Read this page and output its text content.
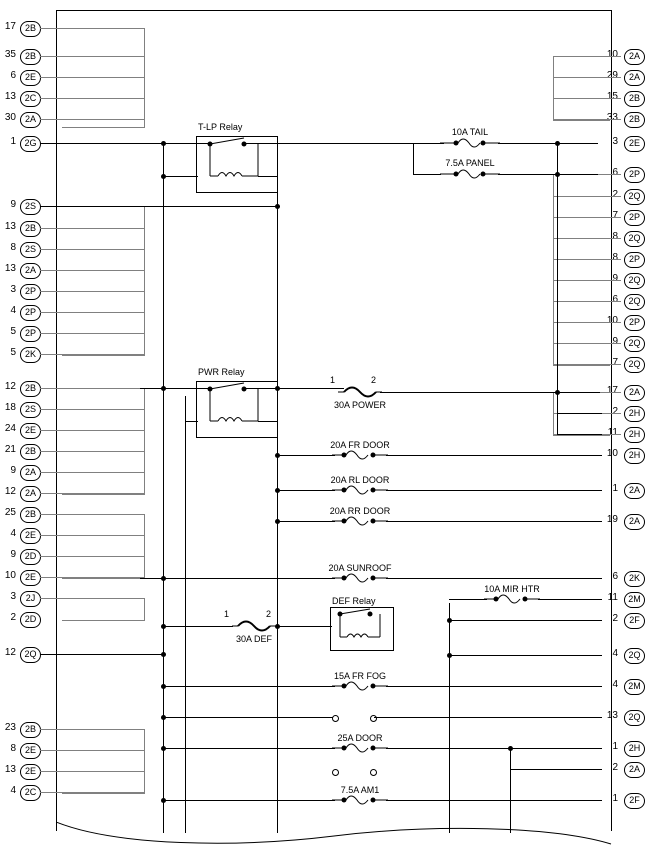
17 2B
35 2B
6 2E
13 2C
30 2A
1 2G
9 2S
13 2B
8 2S
13 2A
3 2P
4 2P
5 2P
5 2K
12 2B
18 2S
24 2E
21 2B
9 2A
12 2A
25 2B
4 2E
9 2D
10 2E
3	2J
2 2D
12 2Q
23 2B
8 2E
13 2E
4 2C
10	2A
29	2A
15	2B
33	2B
3	2E
6	2P
2	2Q
7	2P
8	2Q
8	2P
9	2Q
6	2Q
10	2P
9	2Q
7	2Q
17	2A
2	2H
11	2H
10	2H
1	2A
19	2A
6	2K
11	2M
2	2F
4	2Q
4	2M
13	2Q
1	2H
2	2A
1	2F
T-LP Relay	10A TAIL
7.5A PANEL
PWR Relay
1	2
30A POWER
20A FR DOOR
20A RL DOOR
20A RR DOOR
20A SUNROOF
10A MIR HTR
1	2
30A DEF
DEF Relay
15A FR FOG
25A DOOR
7.5A AM1
